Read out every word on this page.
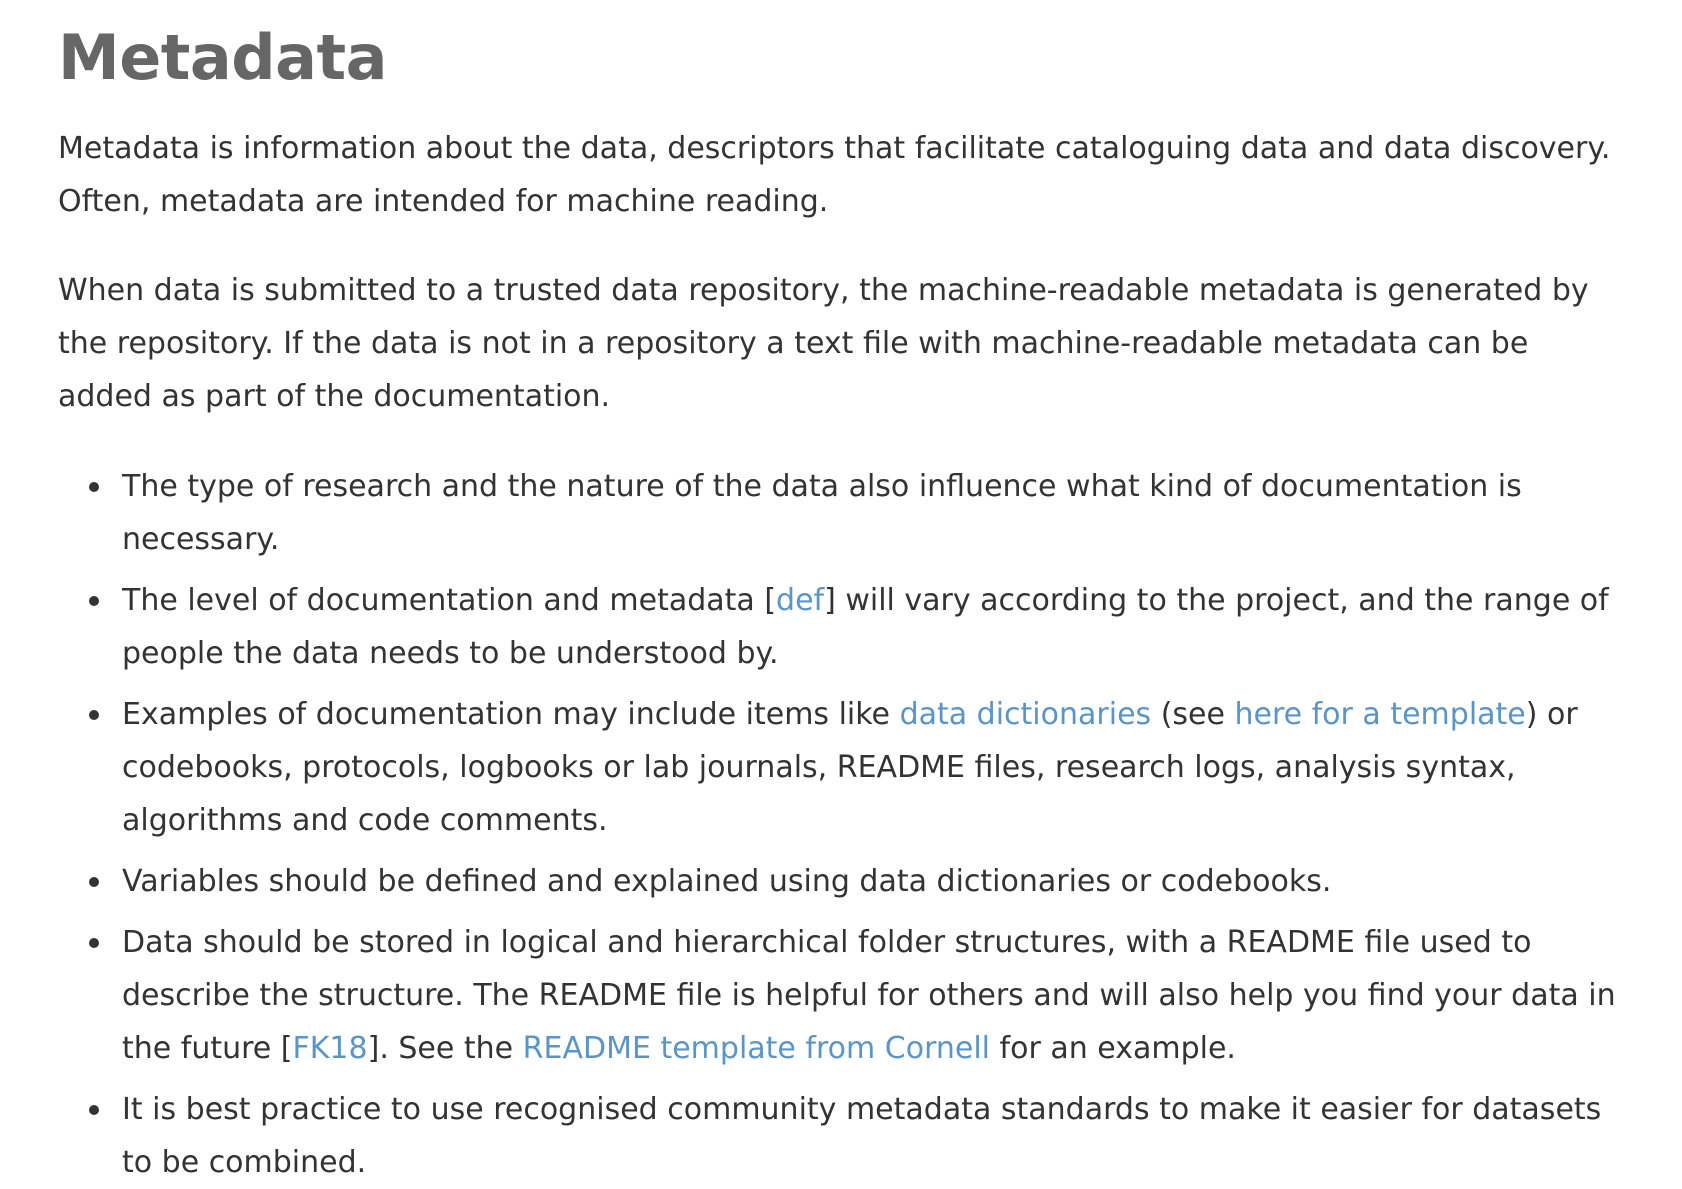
Metadata

Metadata is information about the data, descriptors that facilitate cataloguing data and data discovery. Often, metadata are intended for machine reading.

When data is submitted to a trusted data repository, the machine-readable metadata is generated by the repository. If the data is not in a repository a text file with machine-readable metadata can be added as part of the documentation.

The type of research and the nature of the data also influence what kind of documentation is necessary.
The level of documentation and metadata [def] will vary according to the project, and the range of people the data needs to be understood by.
Examples of documentation may include items like data dictionaries (see here for a template) or codebooks, protocols, logbooks or lab journals, README files, research logs, analysis syntax, algorithms and code comments.
Variables should be defined and explained using data dictionaries or codebooks.
Data should be stored in logical and hierarchical folder structures, with a README file used to describe the structure. The README file is helpful for others and will also help you find your data in the future [FK18]. See the README template from Cornell for an example.
It is best practice to use recognised community metadata standards to make it easier for datasets to be combined.
